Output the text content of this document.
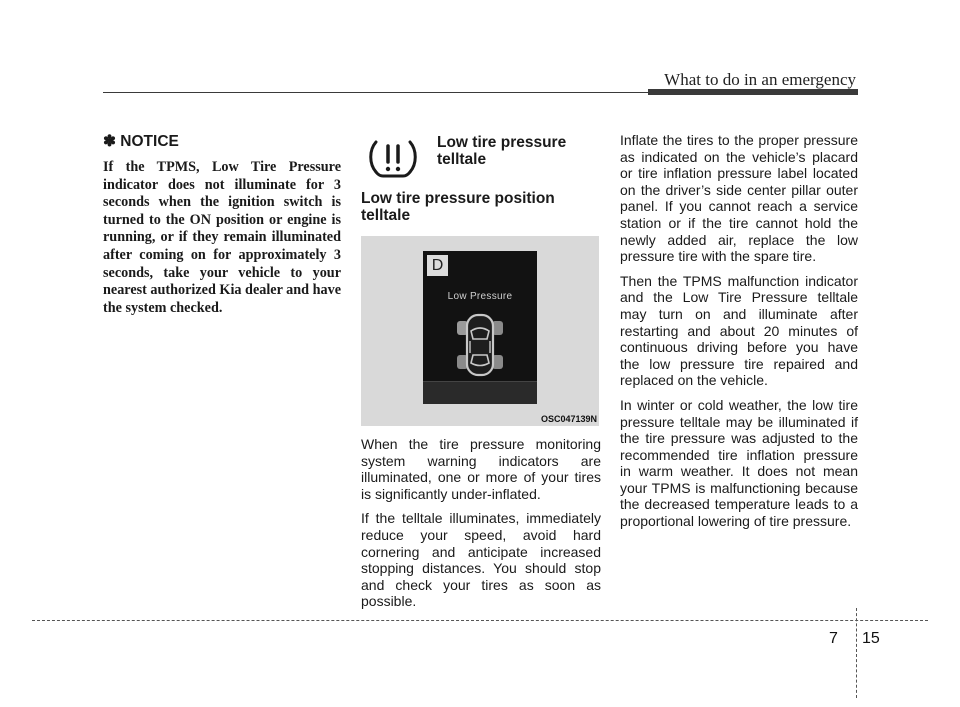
What to do in an emergency

✽ NOTICE

If the TPMS, Low Tire Pressure indicator does not illuminate for 3 seconds when the ignition switch is turned to the ON position or engine is running, or if they remain illuminated after coming on for approximately 3 seconds, take your vehicle to your nearest authorized Kia dealer and have the system checked.

Low tire pressure telltale
Low tire pressure position telltale
D
Low Pressure
OSC047139N

When the tire pressure monitoring system warning indicators are illuminated, one or more of your tires is significantly under-inflated.

If the telltale illuminates, immediately reduce your speed, avoid hard cornering and anticipate increased stopping distances. You should stop and check your tires as soon as possible.

Inflate the tires to the proper pressure as indicated on the vehicle’s placard or tire inflation pressure label located on the driver’s side center pillar outer panel. If you cannot reach a service station or if the tire cannot hold the newly added air, replace the low pressure tire with the spare tire.

Then the TPMS malfunction indicator and the Low Tire Pressure telltale may turn on and illuminate after restarting and about 20 minutes of continuous driving before you have the low pressure tire repaired and replaced on the vehicle.

In winter or cold weather, the low tire pressure telltale may be illuminated if the tire pressure was adjusted to the recommended tire inflation pressure in warm weather. It does not mean your TPMS is malfunctioning because the decreased temperature leads to a proportional lowering of tire pressure.

7 15
